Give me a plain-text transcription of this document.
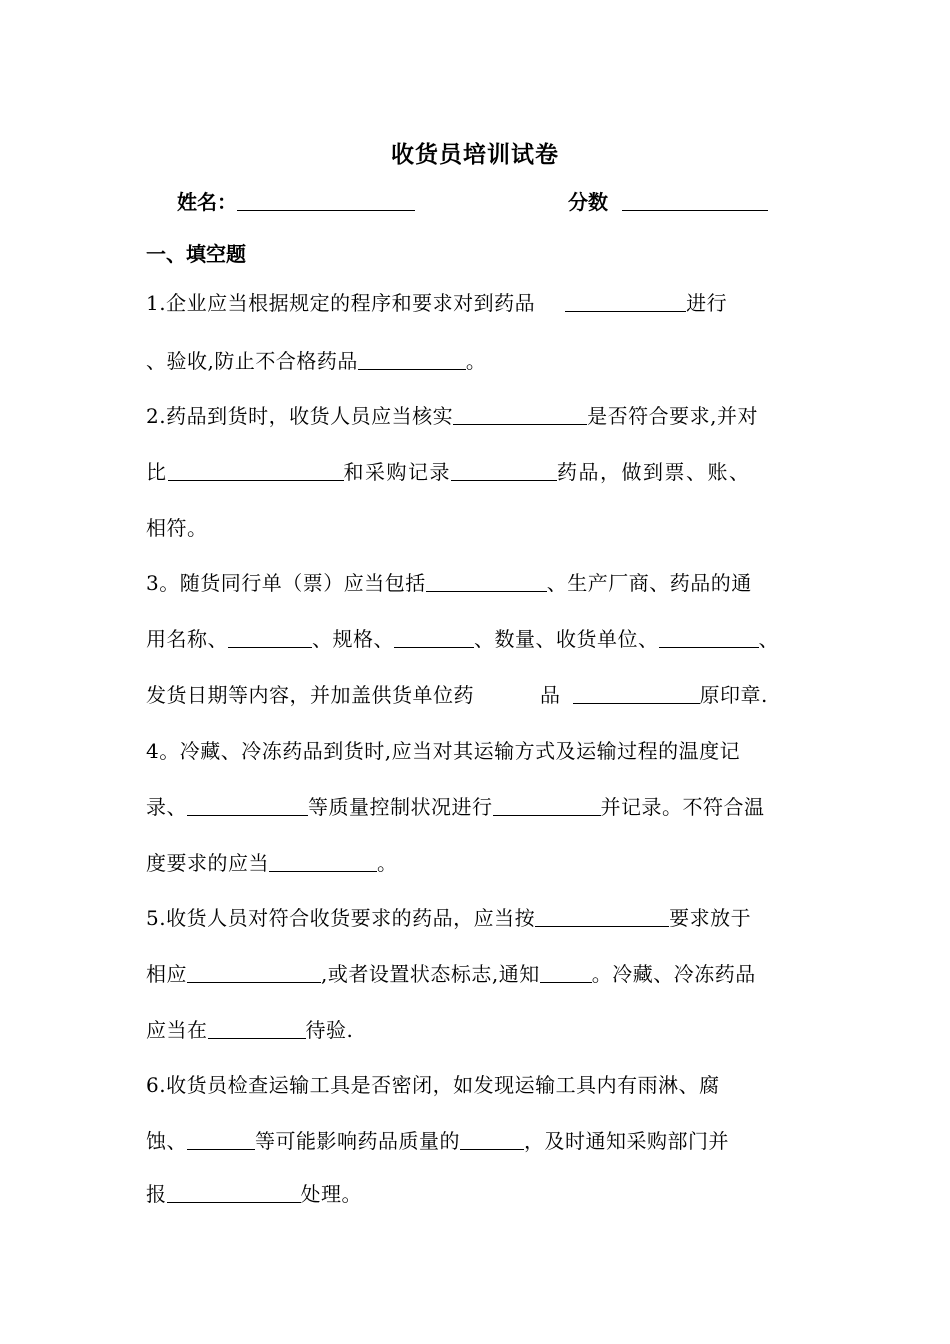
收货员培训试卷
姓名：	分数
一、填空题
1.企业应当根据规定的程序和要求对到药品	进行
、验收,防止不合格药品	。
2.药品到货时，收货人员应当核实	是否符合要求,并对
比	和采购记录	药品，做到票、账、
相符。
3。随货同行单（票）应当包括	、生产厂商、药品的通
用名称、	、规格、	、数量、收货单位、	、
发货日期等内容，并加盖供货单位药	品	原印章.
4。冷藏、冷冻药品到货时,应当对其运输方式及运输过程的温度记
录、	等质量控制状况进行	并记录。不符合温
度要求的应当	。
5.收货人员对符合收货要求的药品，应当按	要求放于
相应	,或者设置状态标志,通知	。冷藏、冷冻药品
应当在	待验.
6.收货员检查运输工具是否密闭，如发现运输工具内有雨淋、腐
蚀、	等可能影响药品质量的	，及时通知采购部门并
报	处理。
